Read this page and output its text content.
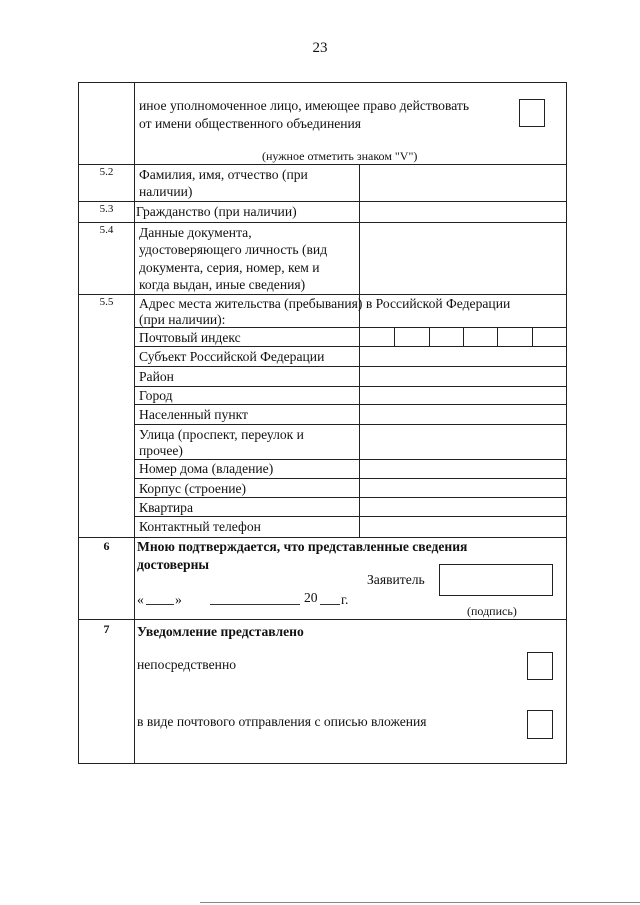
23
иное уполномоченное лицо, имеющее право действовать
от имени общественного объединения
(нужное отметить знаком "V")
5.2	Фамилия, имя, отчество (при
наличии)
5.3	Гражданство (при наличии)
5.4	Данные документа,
удостоверяющего личность (вид
документа, серия, номер, кем и
когда выдан, иные сведения)
5.5	Адрес места жительства (пребывания) в Российской Федерации
(при наличии):
Почтовый индекс
Субъект Российской Федерации
Район
Город
Населенный пункт
Улица (проспект, переулок и
прочее)
Номер дома (владение)
Корпус (строение)
Квартира
Контактный телефон
6	Мною подтверждается, что представленные сведения
достоверны
Заявитель
« »	20 г.
(подпись)
7	Уведомление представлено
непосредственно
в виде почтового отправления с описью вложения
